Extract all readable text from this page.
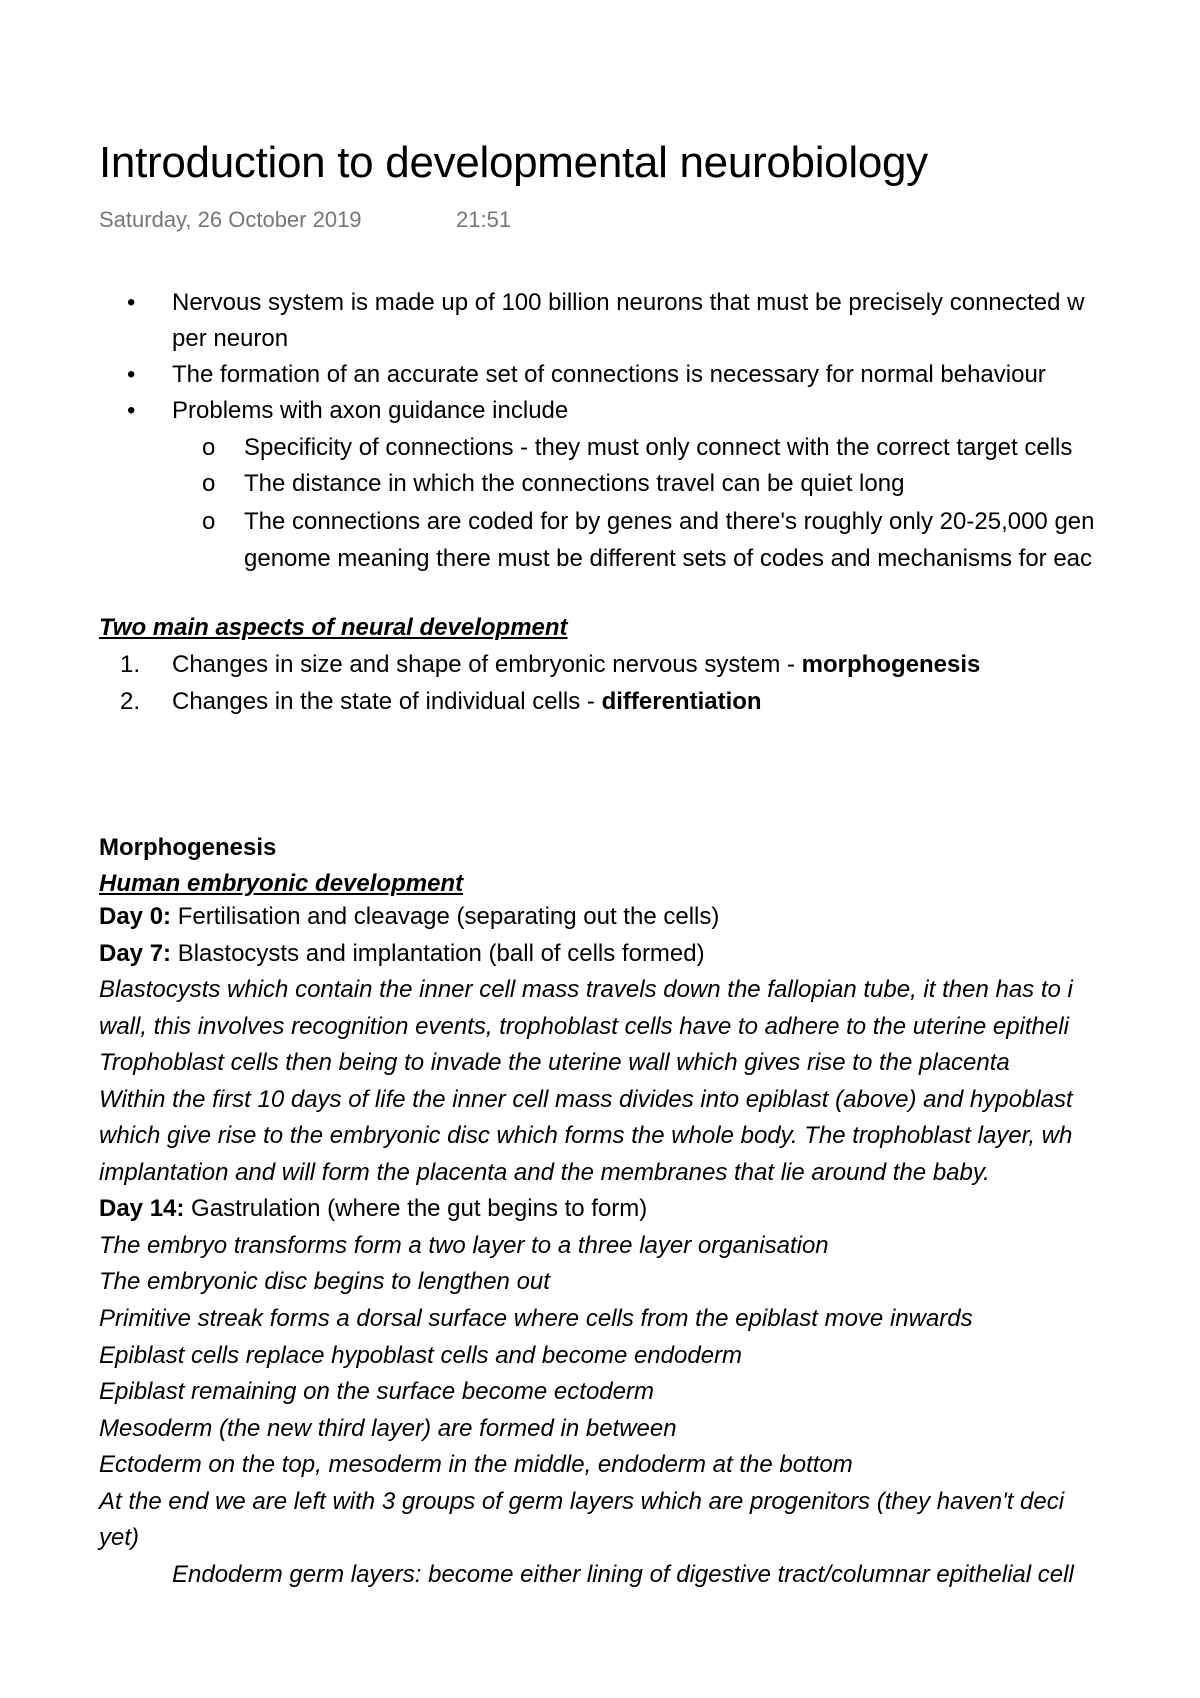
Introduction to developmental neurobiology
Saturday, 26 October 2019	21:51
• Nervous system is made up of 100 billion neurons that must be precisely connected w
per neuron
• The formation of an accurate set of connections is necessary for normal behaviour
• Problems with axon guidance include
o Specificity of connections - they must only connect with the correct target cells
o The distance in which the connections travel can be quiet long
o The connections are coded for by genes and there's roughly only 20-25,000 gen
genome meaning there must be different sets of codes and mechanisms for eac
Two main aspects of neural development
1. Changes in size and shape of embryonic nervous system - morphogenesis
2. Changes in the state of individual cells - differentiation
Morphogenesis
Human embryonic development
Day 0: Fertilisation and cleavage (separating out the cells)
Day 7: Blastocysts and implantation (ball of cells formed)
Blastocysts which contain the inner cell mass travels down the fallopian tube, it then has to i
wall, this involves recognition events, trophoblast cells have to adhere to the uterine epitheli
Trophoblast cells then being to invade the uterine wall which gives rise to the placenta
Within the first 10 days of life the inner cell mass divides into epiblast (above) and hypoblast
which give rise to the embryonic disc which forms the whole body. The trophoblast layer, wh
implantation and will form the placenta and the membranes that lie around the baby.
Day 14: Gastrulation (where the gut begins to form)
The embryo transforms form a two layer to a three layer organisation
The embryonic disc begins to lengthen out
Primitive streak forms a dorsal surface where cells from the epiblast move inwards
Epiblast cells replace hypoblast cells and become endoderm
Epiblast remaining on the surface become ectoderm
Mesoderm (the new third layer) are formed in between
Ectoderm on the top, mesoderm in the middle, endoderm at the bottom
At the end we are left with 3 groups of germ layers which are progenitors (they haven't deci
yet)
Endoderm germ layers: become either lining of digestive tract/columnar epithelial cell
